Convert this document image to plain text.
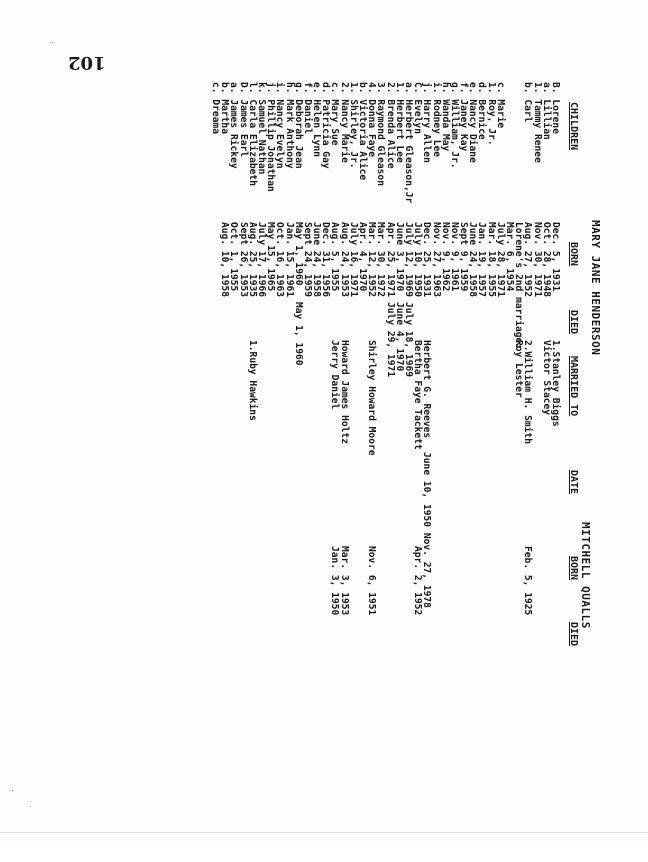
102
MARY JANE HENDERSON
MITCHELL QUALLS
CHILDREN
BORN
DIED
MARRIED TO
DATE
BORN
DIED
B. Lorene
a. Lillian
1. Tammy Renee
b. Carl
c. Marie
1. Roy, Jr.
d. Bernice
e. Nancy Diane
f. Janey Kay
g. William, Jr.
h. Wanda May
i. Rodney Lee
j. Harry Allen
C. Evelyn
a. Herbert Gleason,Jr
1. Herbert Lee
2. Brenda Alice
3. Raymond Gleason
4. Donna Faye
b. Victoria Alice
1. Shirley, Jr.
2. Nancy Marie
c. Mary Sue
d. Patricia Gay
e. Helen Lynn
f. Daniel
g. Deborah Jean
h. Mark Anthony
i. Nancy Evelyn
j. Phillip Jonathan
k. Samuel Nathan
l. Carla Elizabeth
D. James Earl
a. James Rickey
b. Martha
c. Dreama
Dec. 5, 1931
Oct. 28, 1948
Nov. 30, 1971
Aug. 27, 1952
Lorene's 2nd marriage:
Mar. 6, 1954
July 28, 1971
Mar. 18, 1955
Jan. 19, 1957
June 24, 1958
Sept 9, 1959
Nov. 9, 1961
Nov. 9, 1962
Nov. 27, 1963
Dec. 25, 1931
July 10, 1950
July 12, 1969
June 3, 1970
Apr. 25, 1971
Mar. 30, 1972
Mar. 12, 1952
Apr. 4, 1970
July 16, 1971
Aug. 24, 1953
Aug. 5, 1955
Dec. 31, 1956
June 24, 1958
Sept 24, 1959
May 1, 1960
Jan. 15, 1961
Oct. 16, 1963
May 15, 1965
July 17, 1966
Aug. 25, 1935
Sept 26, 1953
Oct. 1, 1955
Aug. 10, 1958
July 18, 1969
June 4, 1970
July 29, 1971
May 1, 1960
1.Stanley Biggs
Victor Stacey
2.William H. Smith
Roy Lester
Herbert G. Reeves
Bertha Faye Tackett
Shirley Howard Moore
Howard James Holtz
Jerry Daniel
1.Ruby Hawkins
June 10, 1950 Nov. 27, 1978	Feb. 5, 1925
Apr. 2, 1952
Nov. 6, 1951
Mar. 3, 1953
Jan. 3, 1950
